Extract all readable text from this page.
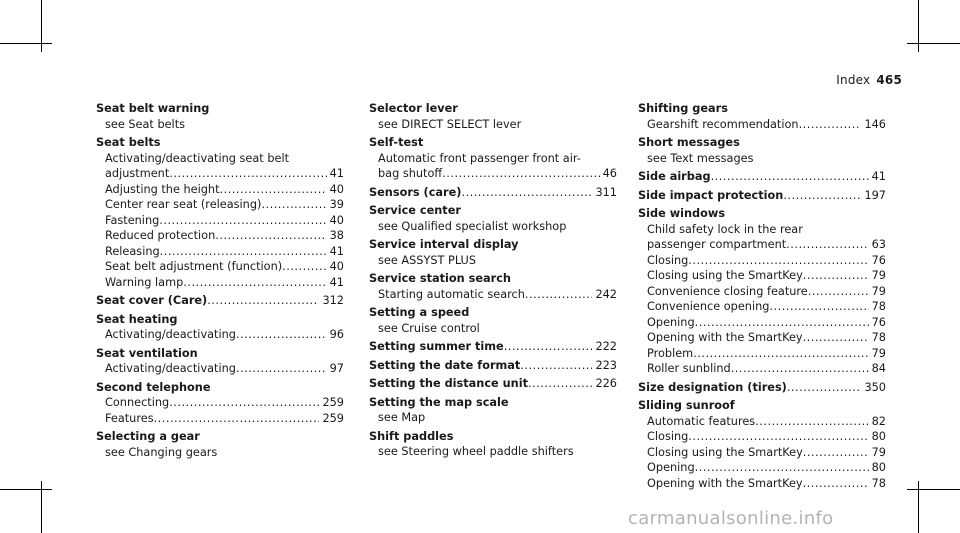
Index 465
Seat belt warning
see Seat belts
Seat belts
Activating/deactivating seat belt
adjustment .....	41
Adjusting the height .....	40
Center rear seat (releasing) .....	39
Fastening .....	40
Reduced protection .....	38
Releasing .....	41
Seat belt adjustment (function) .....	40
Warning lamp .....	41
Seat cover (Care) .....	312
Seat heating
Activating/deactivating .....	96
Seat ventilation
Activating/deactivating .....	97
Second telephone
Connecting .....	259
Features .....	259
Selecting a gear
see Changing gears
Selector lever
see DIRECT SELECT lever
Self-test
Automatic front passenger front air-
bag shutoff .....	46
Sensors (care) .....	311
Service center
see Qualified specialist workshop
Service interval display
see ASSYST PLUS
Service station search
Starting automatic search .....	242
Setting a speed
see Cruise control
Setting summer time .....	222
Setting the date format .....	223
Setting the distance unit .....	226
Setting the map scale
see Map
Shift paddles
see Steering wheel paddle shifters
Shifting gears
Gearshift recommendation .....	146
Short messages
see Text messages
Side airbag .....	41
Side impact protection .....	197
Side windows
Child safety lock in the rear
passenger compartment .....	63
Closing .....	76
Closing using the SmartKey .....	79
Convenience closing feature .....	79
Convenience opening .....	78
Opening .....	76
Opening with the SmartKey .....	78
Problem .....	79
Roller sunblind .....	84
Size designation (tires) .....	350
Sliding sunroof
Automatic features .....	82
Closing .....	80
Closing using the SmartKey .....	79
Opening .....	80
Opening with the SmartKey .....	78
carmanualsonline.info
